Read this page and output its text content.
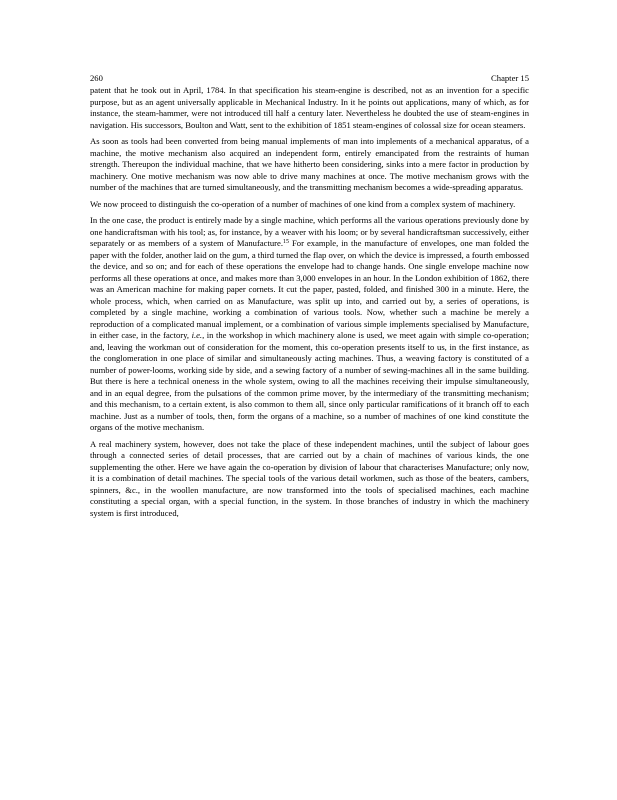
260	Chapter 15

patent that he took out in April, 1784. In that specification his steam-engine is described, not as an invention for a specific purpose, but as an agent universally applicable in Mechanical Industry. In it he points out applications, many of which, as for instance, the steam-hammer, were not introduced till half a century later. Nevertheless he doubted the use of steam-engines in navigation. His successors, Boulton and Watt, sent to the exhibition of 1851 steam-engines of colossal size for ocean steamers.

As soon as tools had been converted from being manual implements of man into implements of a mechanical apparatus, of a machine, the motive mechanism also acquired an independent form, entirely emancipated from the restraints of human strength. Thereupon the individual machine, that we have hitherto been considering, sinks into a mere factor in production by machinery. One motive mechanism was now able to drive many machines at once. The motive mechanism grows with the number of the machines that are turned simultaneously, and the transmitting mechanism becomes a wide-spreading apparatus.

We now proceed to distinguish the co-operation of a number of machines of one kind from a complex system of machinery.

In the one case, the product is entirely made by a single machine, which performs all the various operations previously done by one handicraftsman with his tool; as, for instance, by a weaver with his loom; or by several handicraftsman successively, either separately or as members of a system of Manufacture.$^{15}$ For example, in the manufacture of envelopes, one man folded the paper with the folder, another laid on the gum, a third turned the flap over, on which the device is impressed, a fourth embossed the device, and so on; and for each of these operations the envelope had to change hands. One single envelope machine now performs all these operations at once, and makes more than 3,000 envelopes in an hour. In the London exhibition of 1862, there was an American machine for making paper cornets. It cut the paper, pasted, folded, and finished 300 in a minute. Here, the whole process, which, when carried on as Manufacture, was split up into, and carried out by, a series of operations, is completed by a single machine, working a combination of various tools. Now, whether such a machine be merely a reproduction of a complicated manual implement, or a combination of various simple implements specialised by Manufacture, in either case, in the factory, i.e., in the workshop in which machinery alone is used, we meet again with simple co-operation; and, leaving the workman out of consideration for the moment, this co-operation presents itself to us, in the first instance, as the conglomeration in one place of similar and simultaneously acting machines. Thus, a weaving factory is constituted of a number of power-looms, working side by side, and a sewing factory of a number of sewing-machines all in the same building. But there is here a technical oneness in the whole system, owing to all the machines receiving their impulse simultaneously, and in an equal degree, from the pulsations of the common prime mover, by the intermediary of the transmitting mechanism; and this mechanism, to a certain extent, is also common to them all, since only particular ramifications of it branch off to each machine. Just as a number of tools, then, form the organs of a machine, so a number of machines of one kind constitute the organs of the motive mechanism.

A real machinery system, however, does not take the place of these independent machines, until the subject of labour goes through a connected series of detail processes, that are carried out by a chain of machines of various kinds, the one supplementing the other. Here we have again the co-operation by division of labour that characterises Manufacture; only now, it is a combination of detail machines. The special tools of the various detail workmen, such as those of the beaters, cambers, spinners, &c., in the woollen manufacture, are now transformed into the tools of specialised machines, each machine constituting a special organ, with a special function, in the system. In those branches of industry in which the machinery system is first introduced,
